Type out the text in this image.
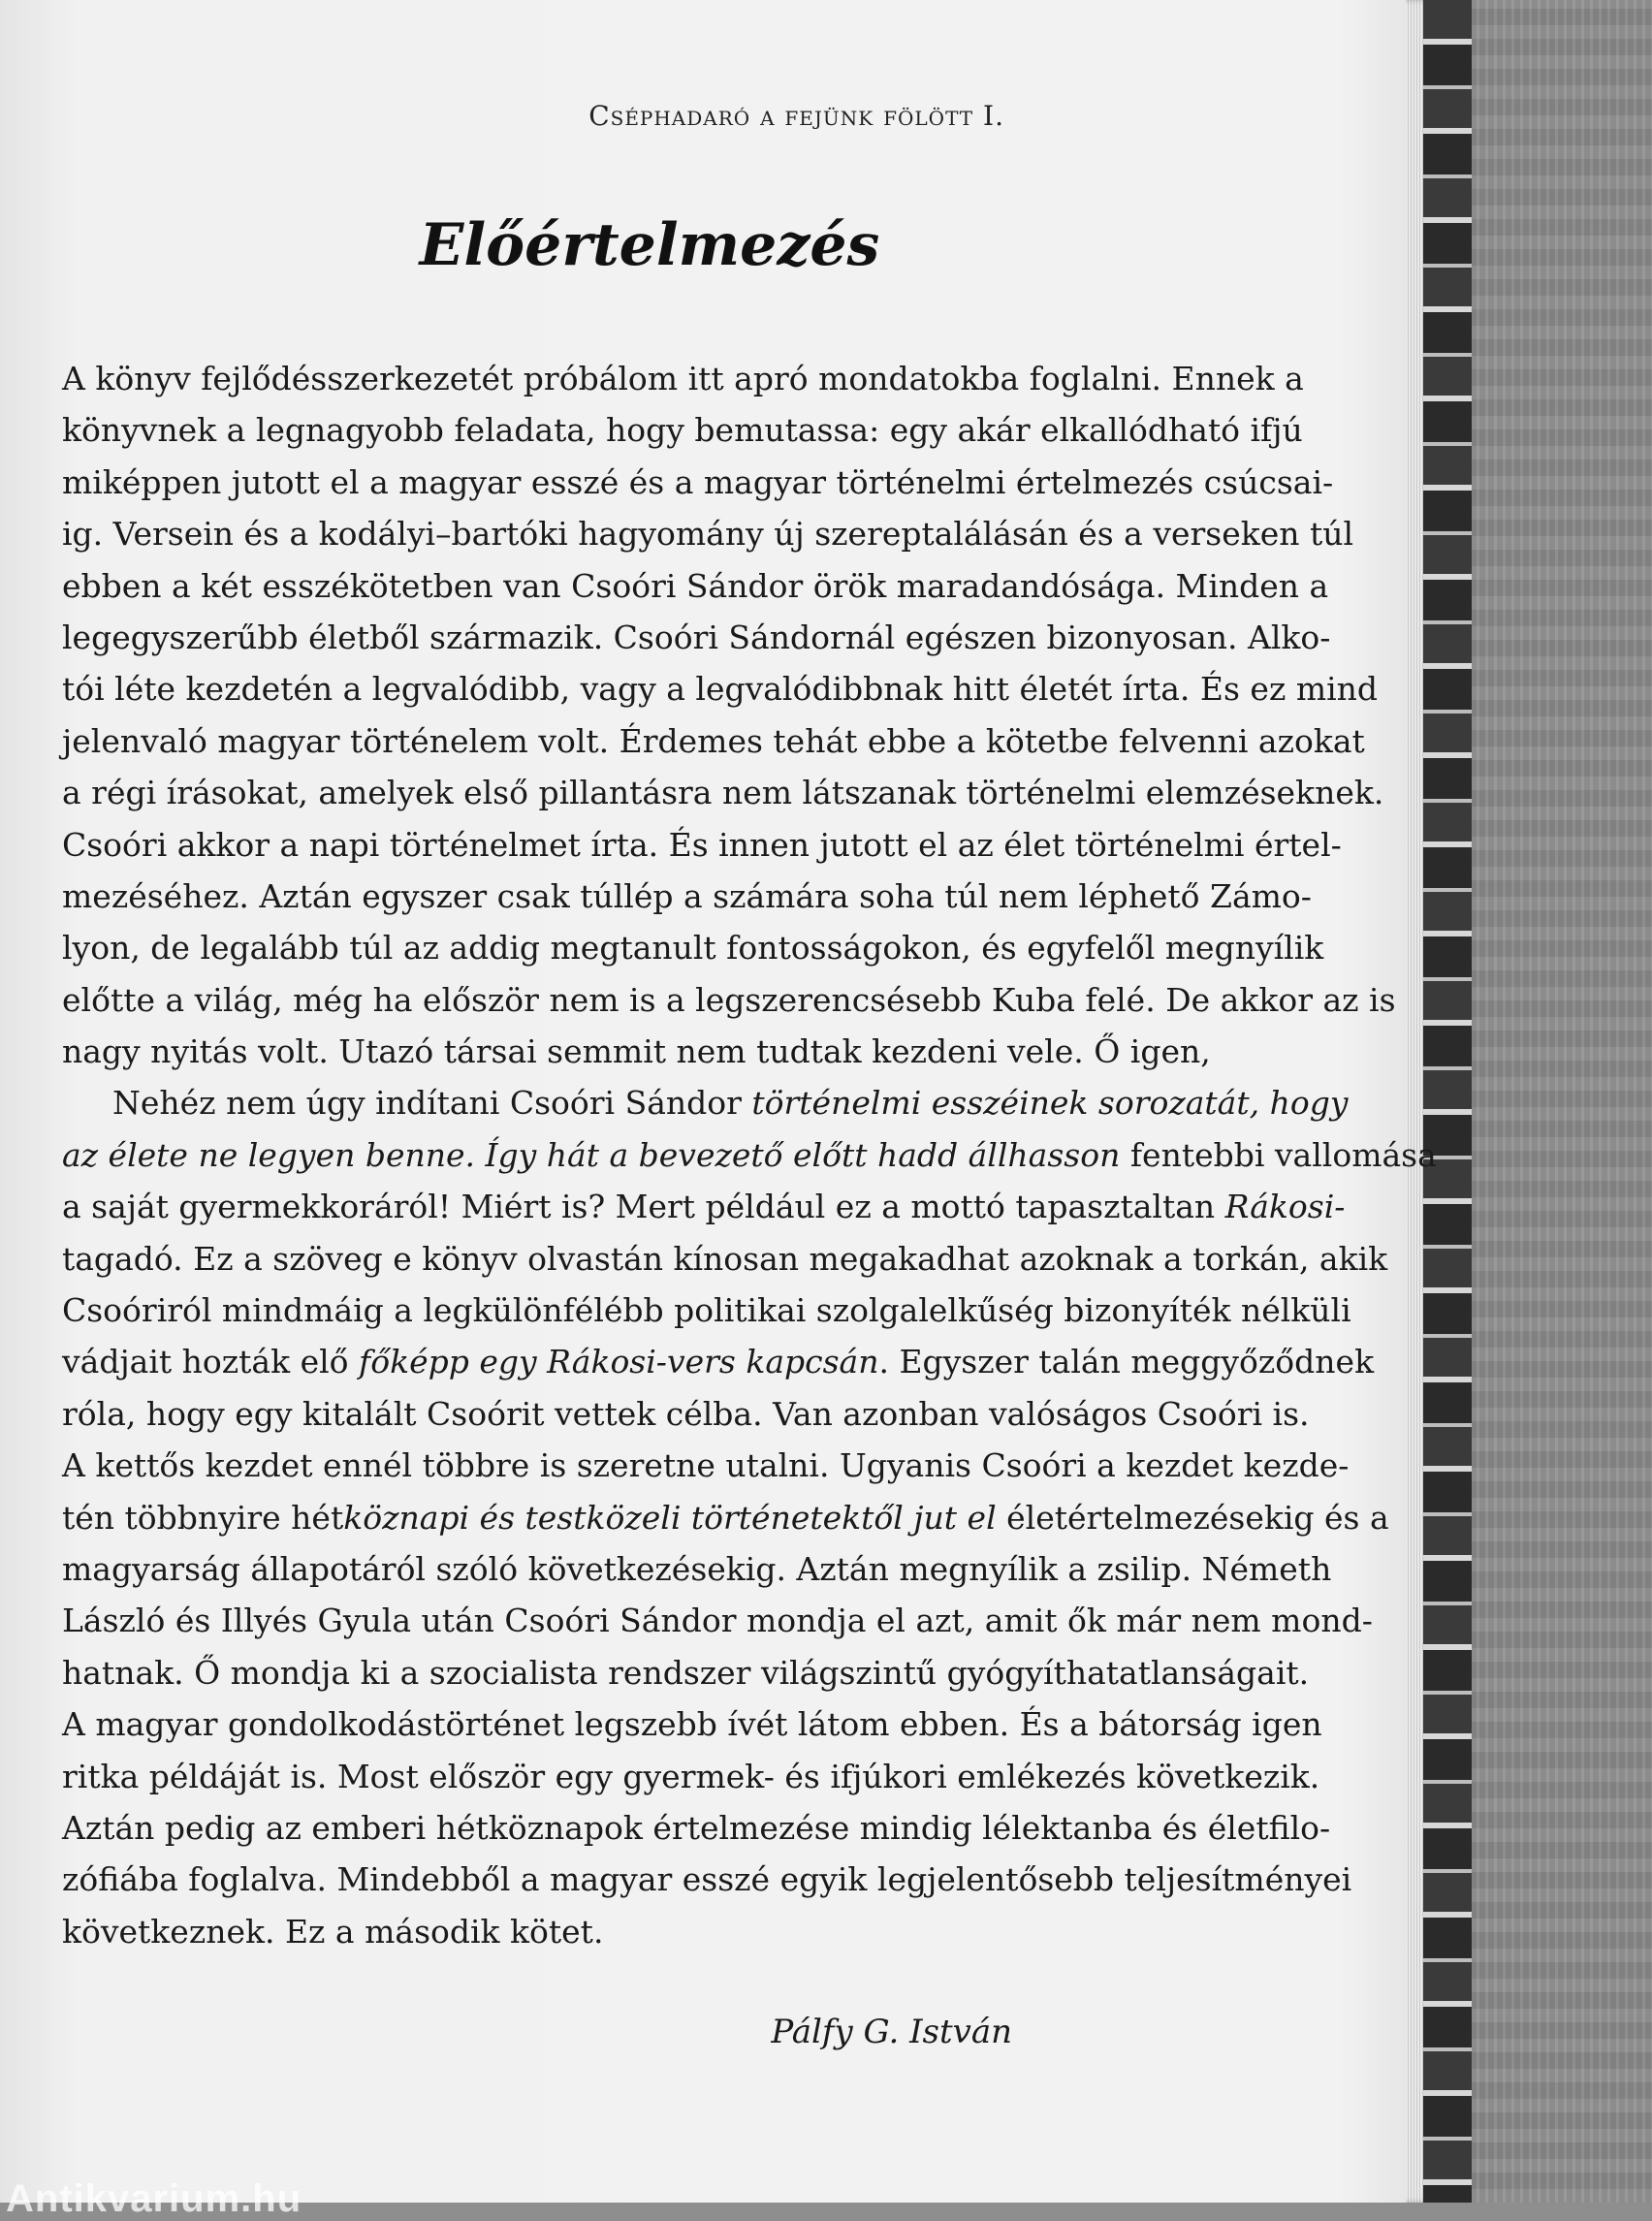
Cséphadaró a fejünk fölött I.
Előértelmezés
A könyv fejlődésszerkezetét próbálom itt apró mondatokba foglalni. Ennek a
könyvnek a legnagyobb feladata, hogy bemutassa: egy akár elkallódható ifjú
miképpen jutott el a magyar esszé és a magyar történelmi értelmezés csúcsai-
ig. Versein és a kodályi–bartóki hagyomány új szereptalálásán és a verseken túl
ebben a két esszékötetben van Csoóri Sándor örök maradandósága. Minden a
legegyszerűbb életből származik. Csoóri Sándornál egészen bizonyosan. Alko-
tói léte kezdetén a legvalódibb, vagy a legvalódibbnak hitt életét írta. És ez mind
jelenvaló magyar történelem volt. Érdemes tehát ebbe a kötetbe felvenni azokat
a régi írásokat, amelyek első pillantásra nem látszanak történelmi elemzéseknek.
Csoóri akkor a napi történelmet írta. És innen jutott el az élet történelmi értel-
mezéséhez. Aztán egyszer csak túllép a számára soha túl nem léphető Zámo-
lyon, de legalább túl az addig megtanult fontosságokon, és egyfelől megnyílik
előtte a világ, még ha először nem is a legszerencsésebb Kuba felé. De akkor az is
nagy nyitás volt. Utazó társai semmit nem tudtak kezdeni vele. Ő igen,
Nehéz nem úgy indítani Csoóri Sándor történelmi esszéinek sorozatát, hogy
az élete ne legyen benne. Így hát a bevezető előtt hadd állhasson fentebbi vallomása
a saját gyermekkoráról! Miért is? Mert például ez a mottó tapasztaltan Rákosi-
tagadó. Ez a szöveg e könyv olvastán kínosan megakadhat azoknak a torkán, akik
Csoóriról mindmáig a legkülönfélébb politikai szolgalelkűség bizonyíték nélküli
vádjait hozták elő főképp egy Rákosi-vers kapcsán. Egyszer talán meggyőződnek
róla, hogy egy kitalált Csoórit vettek célba. Van azonban valóságos Csoóri is.
A kettős kezdet ennél többre is szeretne utalni. Ugyanis Csoóri a kezdet kezde-
tén többnyire hétköznapi és testközeli történetektől jut el életértelmezésekig és a
magyarság állapotáról szóló következésekig. Aztán megnyílik a zsilip. Németh
László és Illyés Gyula után Csoóri Sándor mondja el azt, amit ők már nem mond-
hatnak. Ő mondja ki a szocialista rendszer világszintű gyógyíthatatlanságait.
A magyar gondolkodástörténet legszebb ívét látom ebben. És a bátorság igen
ritka példáját is. Most először egy gyermek- és ifjúkori emlékezés következik.
Aztán pedig az emberi hétköznapok értelmezése mindig lélektanba és életfilo-
zófiába foglalva. Mindebből a magyar esszé egyik legjelentősebb teljesítményei
következnek. Ez a második kötet.
Pálfy G. István
Antikvarium.hu
